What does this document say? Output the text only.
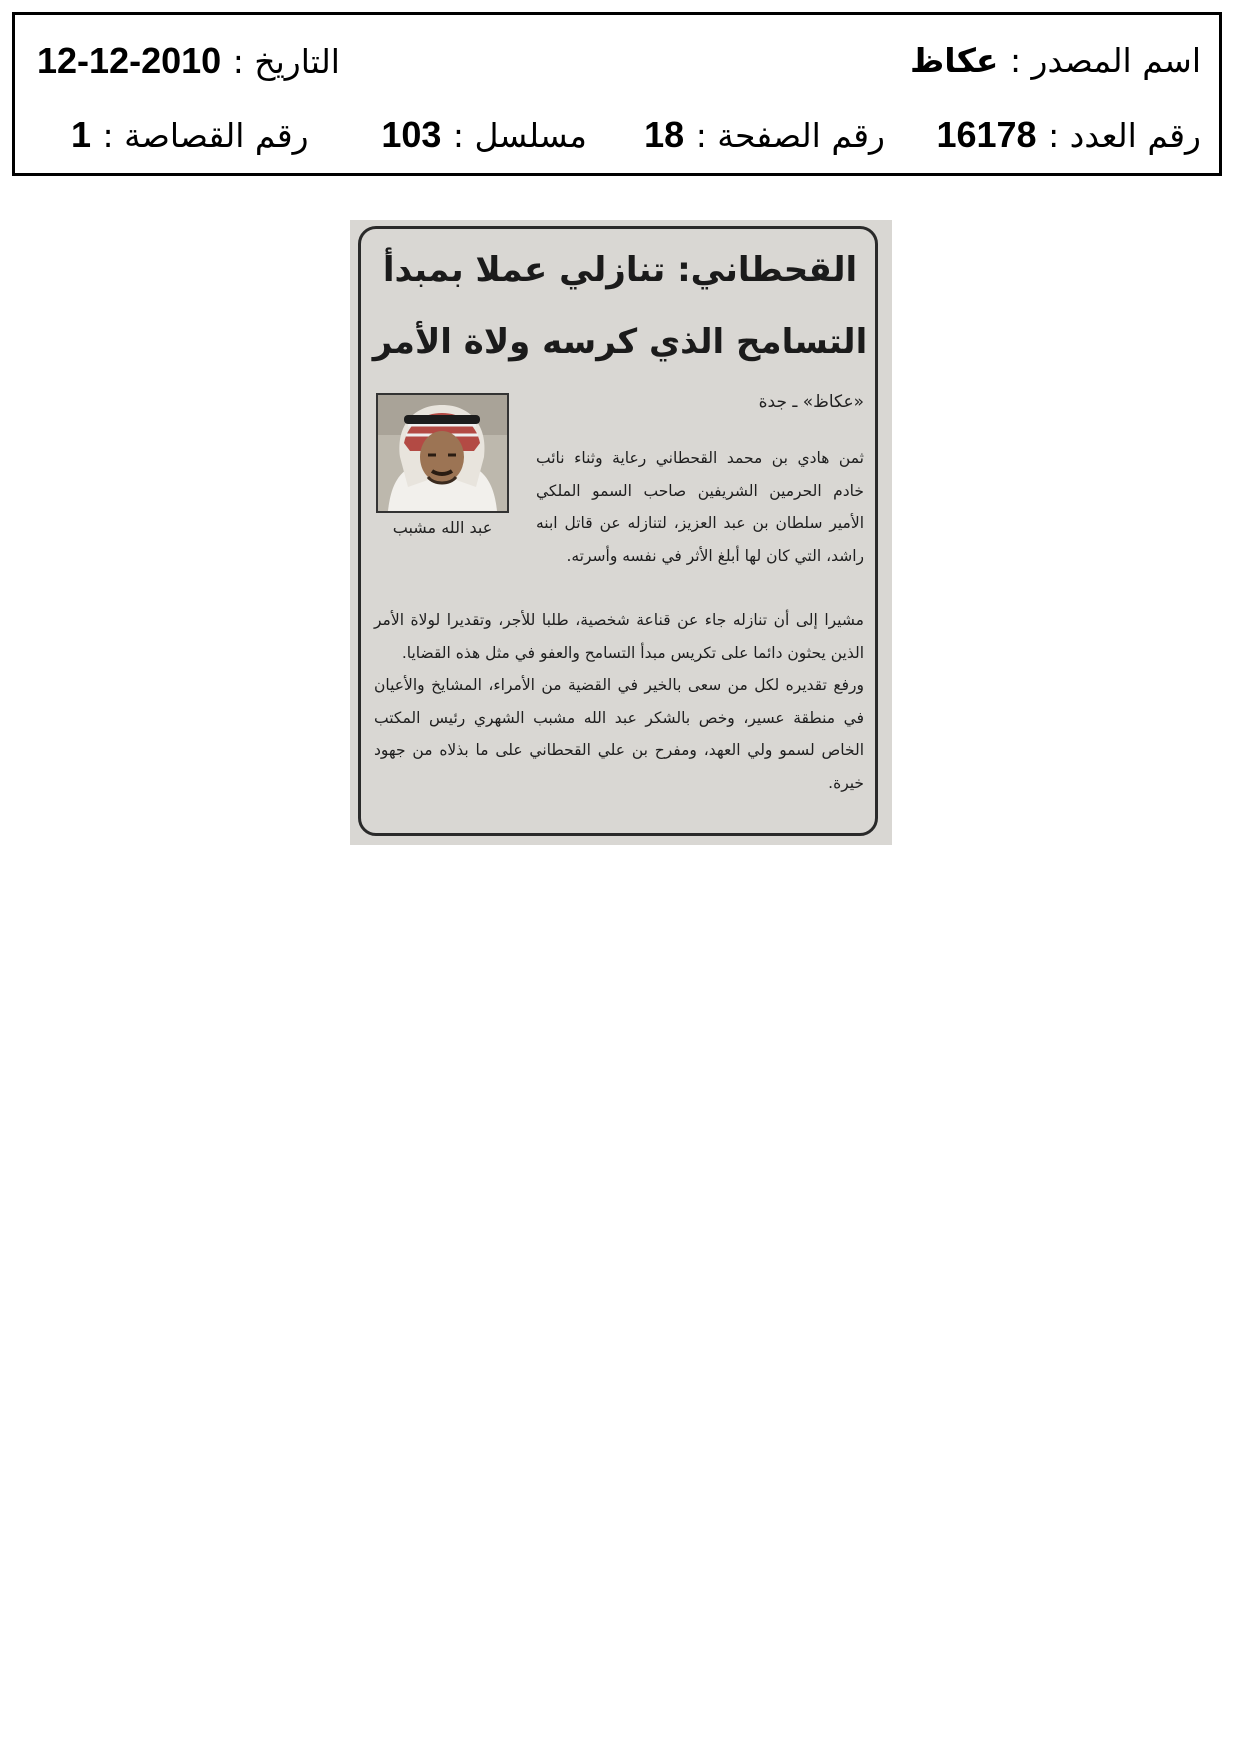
اسم المصدر : عكاظ
التاريخ : 2010-12-12
رقم العدد : 16178
رقم الصفحة : 18
مسلسل : 103
رقم القصاصة : 1
القحطاني: تنازلي عملا بمبدأ
التسامح الذي كرسه ولاة الأمر
«عكاظ» ـ جدة
عبد الله مشبب

ثمن هادي بن محمد القحطاني رعاية وثناء نائب خادم الحرمين الشريفين صاحب السمو الملكي الأمير سلطان بن عبد العزيز، لتنازله عن قاتل ابنه راشد، التي كان لها أبلغ الأثر في نفسه وأسرته.

مشيرا إلى أن تنازله جاء عن قناعة شخصية، طلبا للأجر، وتقديرا لولاة الأمر الذين يحثون دائما على تكريس مبدأ التسامح والعفو في مثل هذه القضايا.

ورفع تقديره لكل من سعى بالخير في القضية من الأمراء، المشايخ والأعيان في منطقة عسير، وخص بالشكر عبد الله مشبب الشهري رئيس المكتب الخاص لسمو ولي العهد، ومفرح بن علي القحطاني على ما بذلاه من جهود خيرة.
